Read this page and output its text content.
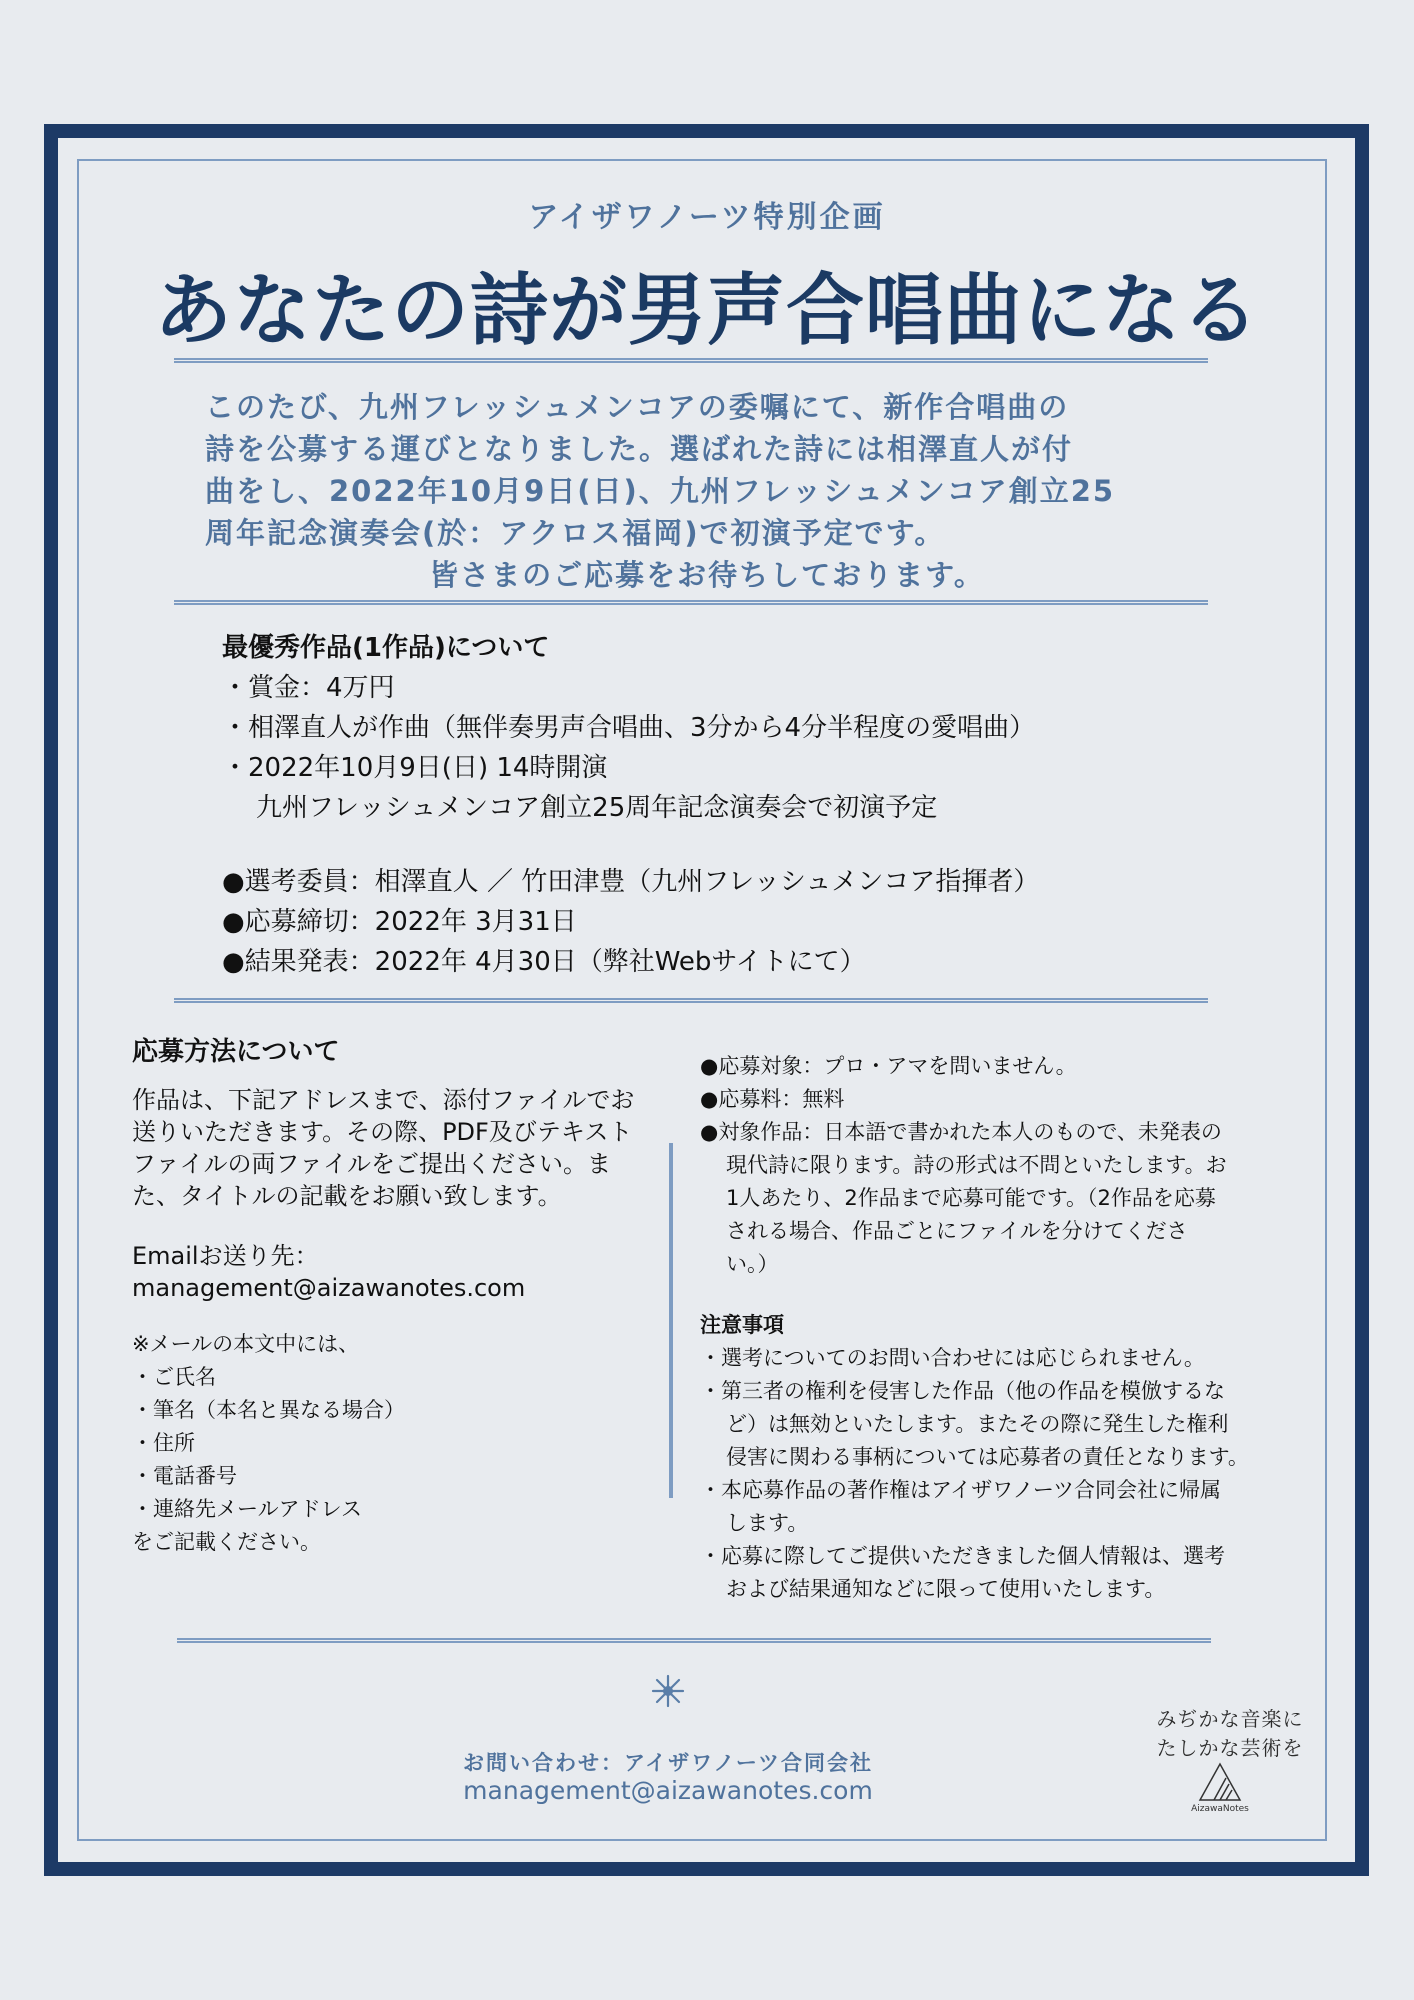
アイザワノーツ特別企画
あなたの詩が男声合唱曲になる

このたび、九州フレッシュメンコアの委嘱にて、新作合唱曲の

詩を公募する運びとなりました。選ばれた詩には相澤直人が付

曲をし、2022年10月9日(日)、九州フレッシュメンコア創立25

周年記念演奏会(於：アクロス福岡)で初演予定です。

皆さまのご応募をお待ちしております。

最優秀作品(1作品)について

・賞金：4万円

・相澤直人が作曲（無伴奏男声合唱曲、3分から4分半程度の愛唱曲）

・2022年10月9日(日) 14時開演

九州フレッシュメンコア創立25周年記念演奏会で初演予定

●選考委員：相澤直人 ／ 竹田津豊（九州フレッシュメンコア指揮者）

●応募締切：2022年 3月31日

●結果発表：2022年 4月30日（弊社Webサイトにて）

応募方法について

作品は、下記アドレスまで、添付ファイルでお送りいただきます。その際、PDF及びテキストファイルの両ファイルをご提出ください。また、タイトルの記載をお願い致します。

Emailお送り先：

management@aizawanotes.com

※メールの本文中には、

・ご氏名

・筆名（本名と異なる場合）

・住所

・電話番号

・連絡先メールアドレス

をご記載ください。

●応募対象：プロ・アマを問いません。

●応募料：無料

●対象作品：日本語で書かれた本人のもので、未発表の

現代詩に限ります。詩の形式は不問といたします。お

1人あたり、2作品まで応募可能です。（2作品を応募

される場合、作品ごとにファイルを分けてくださ

い。）

注意事項

・選考についてのお問い合わせには応じられません。

・第三者の権利を侵害した作品（他の作品を模倣するな

ど）は無効といたします。またその際に発生した権利

侵害に関わる事柄については応募者の責任となります。

・本応募作品の著作権はアイザワノーツ合同会社に帰属

します。

・応募に際してご提供いただきました個人情報は、選考

および結果通知などに限って使用いたします。

お問い合わせ：アイザワノーツ合同会社
management@aizawanotes.com
みぢかな音楽に
たしかな芸術を
AizawaNotes
